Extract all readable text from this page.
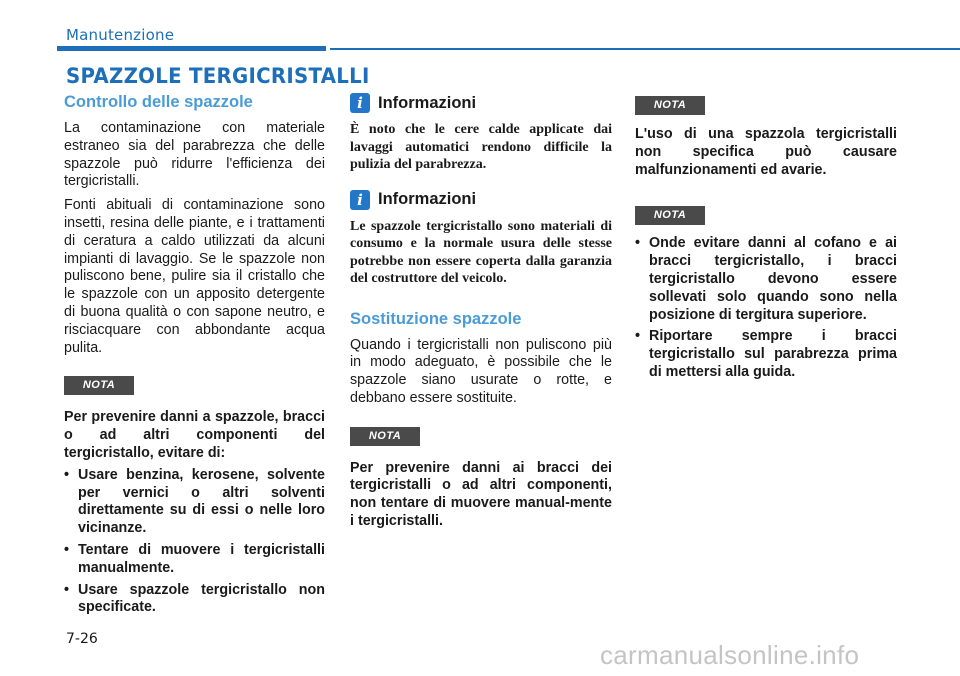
Manutenzione
SPAZZOLE TERGICRISTALLI
Controllo delle spazzole

La contaminazione con materiale estraneo sia del parabrezza che delle spazzole può ridurre l'efficienza dei tergicristalli.

Fonti abituali di contaminazione sono insetti, resina delle piante, e i trattamenti di ceratura a caldo utilizzati da alcuni impianti di lavaggio. Se le spazzole non puliscono bene, pulire sia il cristallo che le spazzole con un apposito detergente di buona qualità o con sapone neutro, e risciacquare con abbondante acqua pulita.

NOTA

Per prevenire danni a spazzole, bracci o ad altri componenti del tergicristallo, evitare di:

• Usare benzina, kerosene, solvente per vernici o altri solventi direttamente su di essi o nelle loro vicinanze.
• Tentare di muovere i tergicristalli manualmente.
• Usare spazzole tergicristallo non specificate.
i Informazioni

È noto che le cere calde applicate dai lavaggi automatici rendono difficile la pulizia del parabrezza.

i Informazioni

Le spazzole tergicristallo sono materiali di consumo e la normale usura delle stesse potrebbe non essere coperta dalla garanzia del costruttore del veicolo.

Sostituzione spazzole

Quando i tergicristalli non puliscono più in modo adeguato, è possibile che le spazzole siano usurate o rotte, e debbano essere sostituite.

NOTA

Per prevenire danni ai bracci dei tergicristalli o ad altri componenti, non tentare di muovere manual-mente i tergicristalli.

NOTA

L'uso di una spazzola tergicristalli non specifica può causare malfunzionamenti ed avarie.

NOTA
• Onde evitare danni al cofano e ai bracci tergicristallo, i bracci tergicristallo devono essere sollevati solo quando sono nella posizione di tergitura superiore.
• Riportare sempre i bracci tergicristallo sul parabrezza prima di mettersi alla guida.
7-26
carmanualsonline.info
